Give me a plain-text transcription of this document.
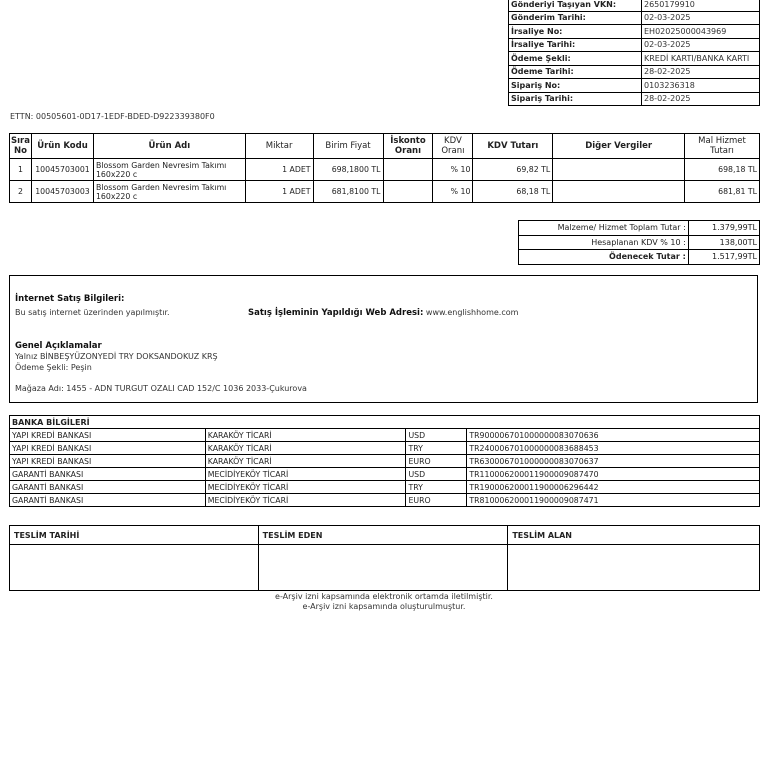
Gönderiyi Taşıyan VKN:	2650179910
Gönderim Tarihi:	02-03-2025
İrsaliye No:	EH02025000043969
İrsaliye Tarihi:	02-03-2025
Ödeme Şekli:	KREDİ KARTI/BANKA KARTI
Ödeme Tarihi:	28-02-2025
Sipariş No:	0103236318
Sipariş Tarihi:	28-02-2025
ETTN: 00505601-0D17-1EDF-BDED-D922339380F0
Sıra No	Ürün Kodu	Ürün Adı	Miktar	Birim Fiyat	İskonto Oranı	KDV Oranı	KDV Tutarı	Diğer Vergiler	Mal Hizmet Tutarı
1	10045703001	Blossom Garden Nevresim Takımı 160x220 c	1 ADET	698,1800 TL		% 10	69,82 TL		698,18 TL
2	10045703003	Blossom Garden Nevresim Takımı 160x220 c	1 ADET	681,8100 TL		% 10	68,18 TL		681,81 TL
Malzeme/ Hizmet Toplam Tutar :	1.379,99TL
Hesaplanan KDV % 10 :	138,00TL
Ödenecek Tutar :	1.517,99TL
İnternet Satış Bilgileri:
Bu satış internet üzerinden yapılmıştır.	Satış İşleminin Yapıldığı Web Adresi: www.englishhome.com
Genel Açıklamalar
Yalnız BİNBEŞYÜZONYEDİ TRY DOKSANDOKUZ KRŞ
Ödeme Şekli: Peşin
Mağaza Adı: 1455 - ADN TURGUT OZALI CAD 152/C 1036 2033-Çukurova
BANKA BİLGİLERİ			
YAPI KREDİ BANKASI	KARAKÖY TİCARİ	USD	TR900006701000000083070636
YAPI KREDİ BANKASI	KARAKÖY TİCARİ	TRY	TR240006701000000083688453
YAPI KREDİ BANKASI	KARAKÖY TİCARİ	EURO	TR630006701000000083070637
GARANTİ BANKASI	MECİDİYEKÖY TİCARİ	USD	TR110006200011900009087470
GARANTİ BANKASI	MECİDİYEKÖY TİCARİ	TRY	TR190006200011900006296442
GARANTİ BANKASI	MECİDİYEKÖY TİCARİ	EURO	TR810006200011900009087471
TESLİM TARİHİ	TESLİM EDEN	TESLİM ALAN

e-Arşiv izni kapsamında elektronik ortamda iletilmiştir.
e-Arşiv izni kapsamında oluşturulmuştur.
